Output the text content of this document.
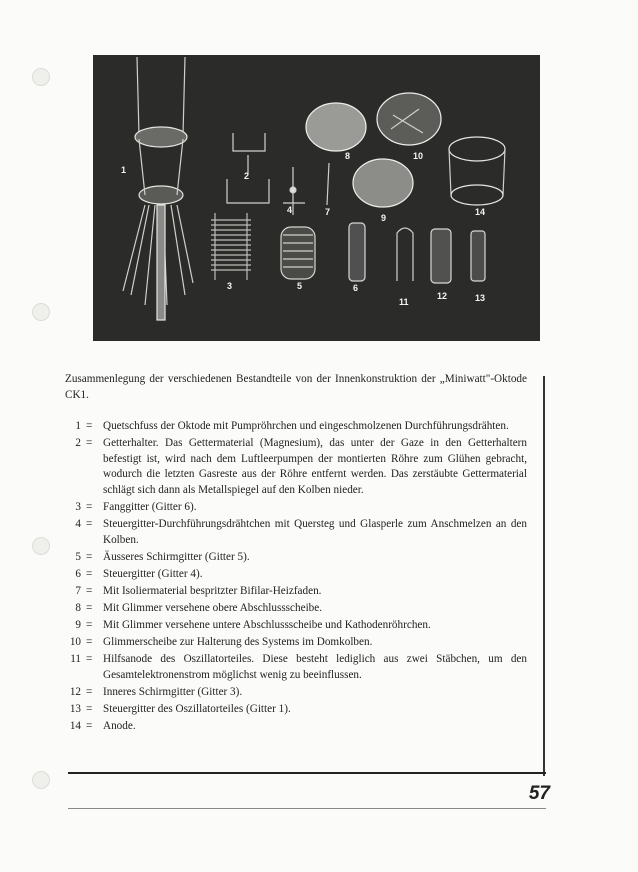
1
2
3
4
5	6
7
8
9
10
11
12	13
14

Zusammenlegung der verschiedenen Bestandteile von der Innenkonstruktion der „Miniwatt"-Oktode CK1.

1 = Quetschfuss der Oktode mit Pumpröhrchen und eingeschmolzenen Durchführungsdrähten.
2 = Getterhalter. Das Gettermaterial (Magnesium), das unter der Gaze in den Getterhaltern befestigt ist, wird nach dem Luftleerpumpen der montierten Röhre zum Glühen gebracht, wodurch die letzten Gasreste aus der Röhre entfernt werden. Das zerstäubte Gettermaterial schlägt sich dann als Metallspiegel auf den Kolben nieder.
3 = Fanggitter (Gitter 6).
4 = Steuergitter-Durchführungsdrähtchen mit Quersteg und Glasperle zum Anschmelzen an den Kolben.
5 = Äusseres Schirmgitter (Gitter 5).
6 = Steuergitter (Gitter 4).
7 = Mit Isoliermaterial bespritzter Bifilar-Heizfaden.
8 = Mit Glimmer versehene obere Abschlussscheibe.
9 = Mit Glimmer versehene untere Abschlussscheibe und Kathodenröhrchen.
10 = Glimmerscheibe zur Halterung des Systems im Domkolben.
11 = Hilfsanode des Oszillatorteiles. Diese besteht lediglich aus zwei Stäbchen, um den Gesamtelektronenstrom möglichst wenig zu beeinflussen.
12 = Inneres Schirmgitter (Gitter 3).
13 = Steuergitter des Oszillatorteiles (Gitter 1).
14 = Anode.
57
